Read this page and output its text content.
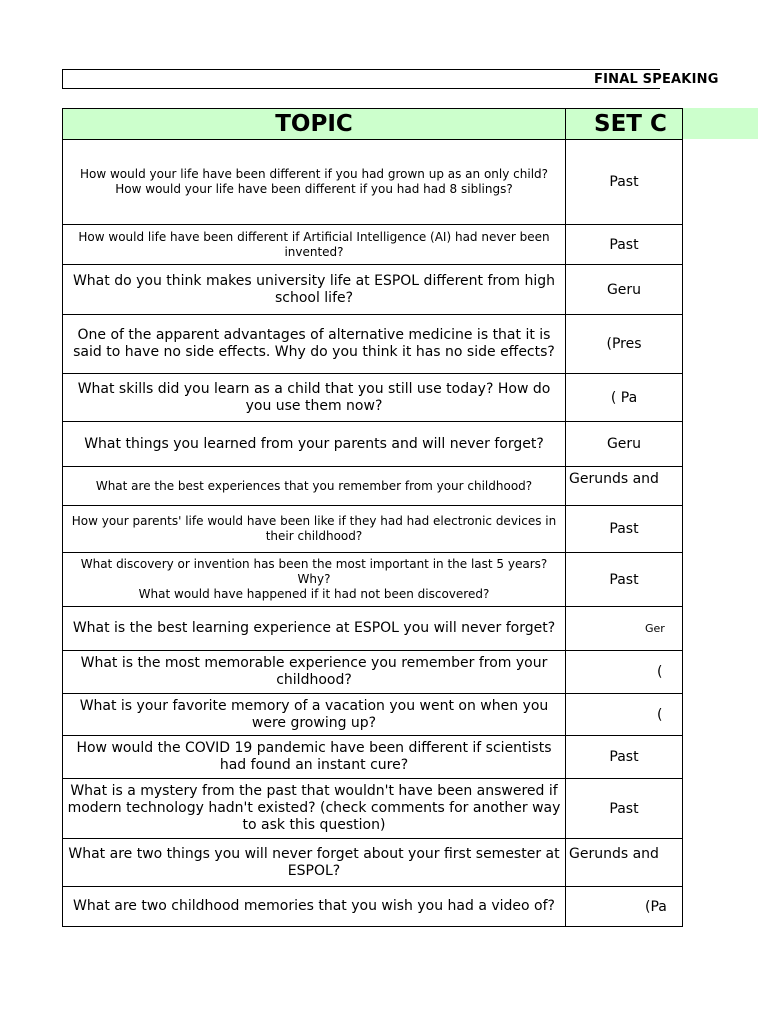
FINAL SPEAKING
TOPIC	SET C
How would your life have been different if you had grown up as an only child?
How would your life have been different if you had had 8 siblings?	Past
How would life have been different if Artificial Intelligence (AI) had never been invented?	Past
What do you think makes university life at ESPOL different from high school life?	Geru
One of the apparent advantages of alternative medicine is that it is said to have no side effects. Why do you think it has no side effects?	(Pres
What skills did you learn as a child that you still use today? How do you use them now?	( Pa
What things you learned from your parents and will never forget?	Geru
What are the best experiences that you remember from your childhood?	Gerunds and
How your parents' life would have been like if they had had electronic devices in their childhood?	Past
What discovery or invention has been the most important in the last 5 years? Why?
What would have happened if it had not been discovered?	Past
What is the best learning experience at ESPOL you will never forget?	Ger
What is the most memorable experience you remember from your childhood?	(
What is your favorite memory of a vacation you went on when you were growing up?	(
How would the COVID 19 pandemic have been different if scientists had found an instant cure?	Past
What is a mystery from the past that wouldn't have been answered if modern technology hadn't existed? (check comments for another way to ask this question)	Past
What are two things you will never forget about your first semester at ESPOL?	Gerunds and
What are two childhood memories that you wish you had a video of?	(Pa
